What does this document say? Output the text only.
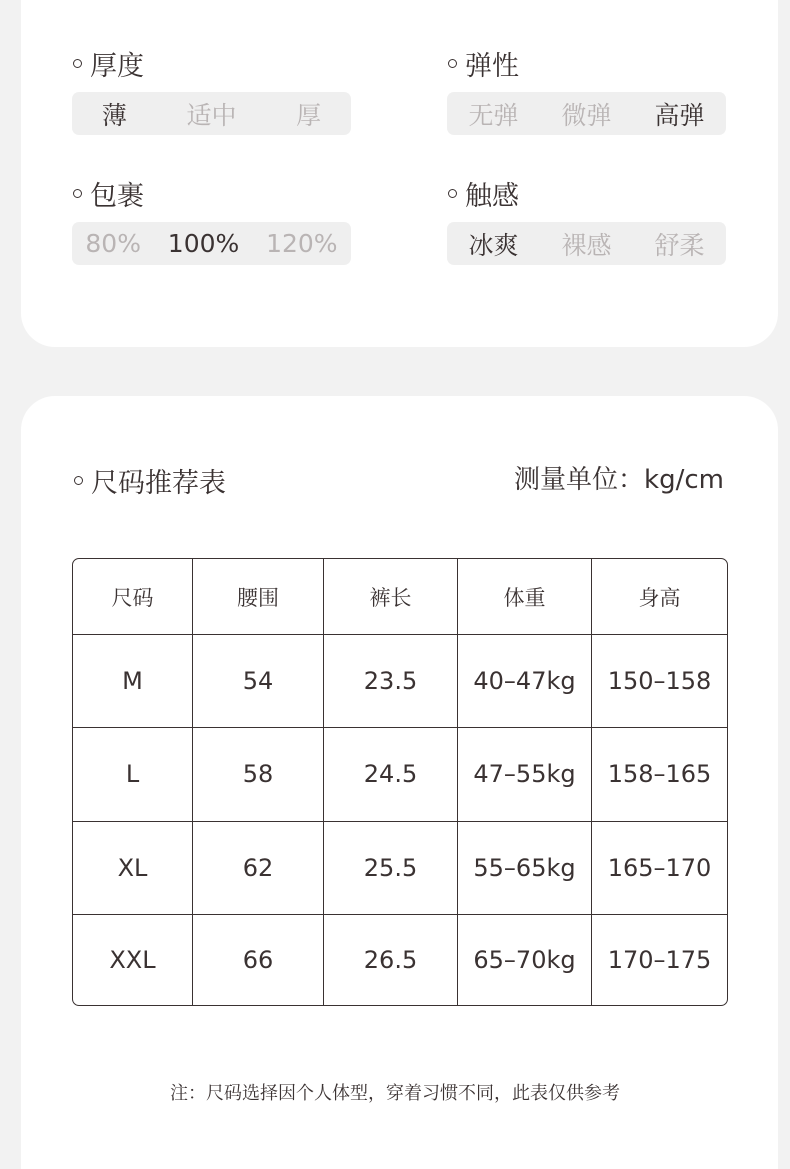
厚度
薄 适中 厚
弹性
无弹 微弹 高弹
包裹
80% 100% 120%
触感
冰爽 裸感 舒柔
尺码推荐表	测量单位：kg/cm
尺码	腰围	裤长	体重	身高
M	54	23.5	40–47kg	150–158
L	58	24.5	47–55kg	158–165
XL	62	25.5	55–65kg	165–170
XXL	66	26.5	65–70kg	170–175
注：尺码选择因个人体型，穿着习惯不同，此表仅供参考
